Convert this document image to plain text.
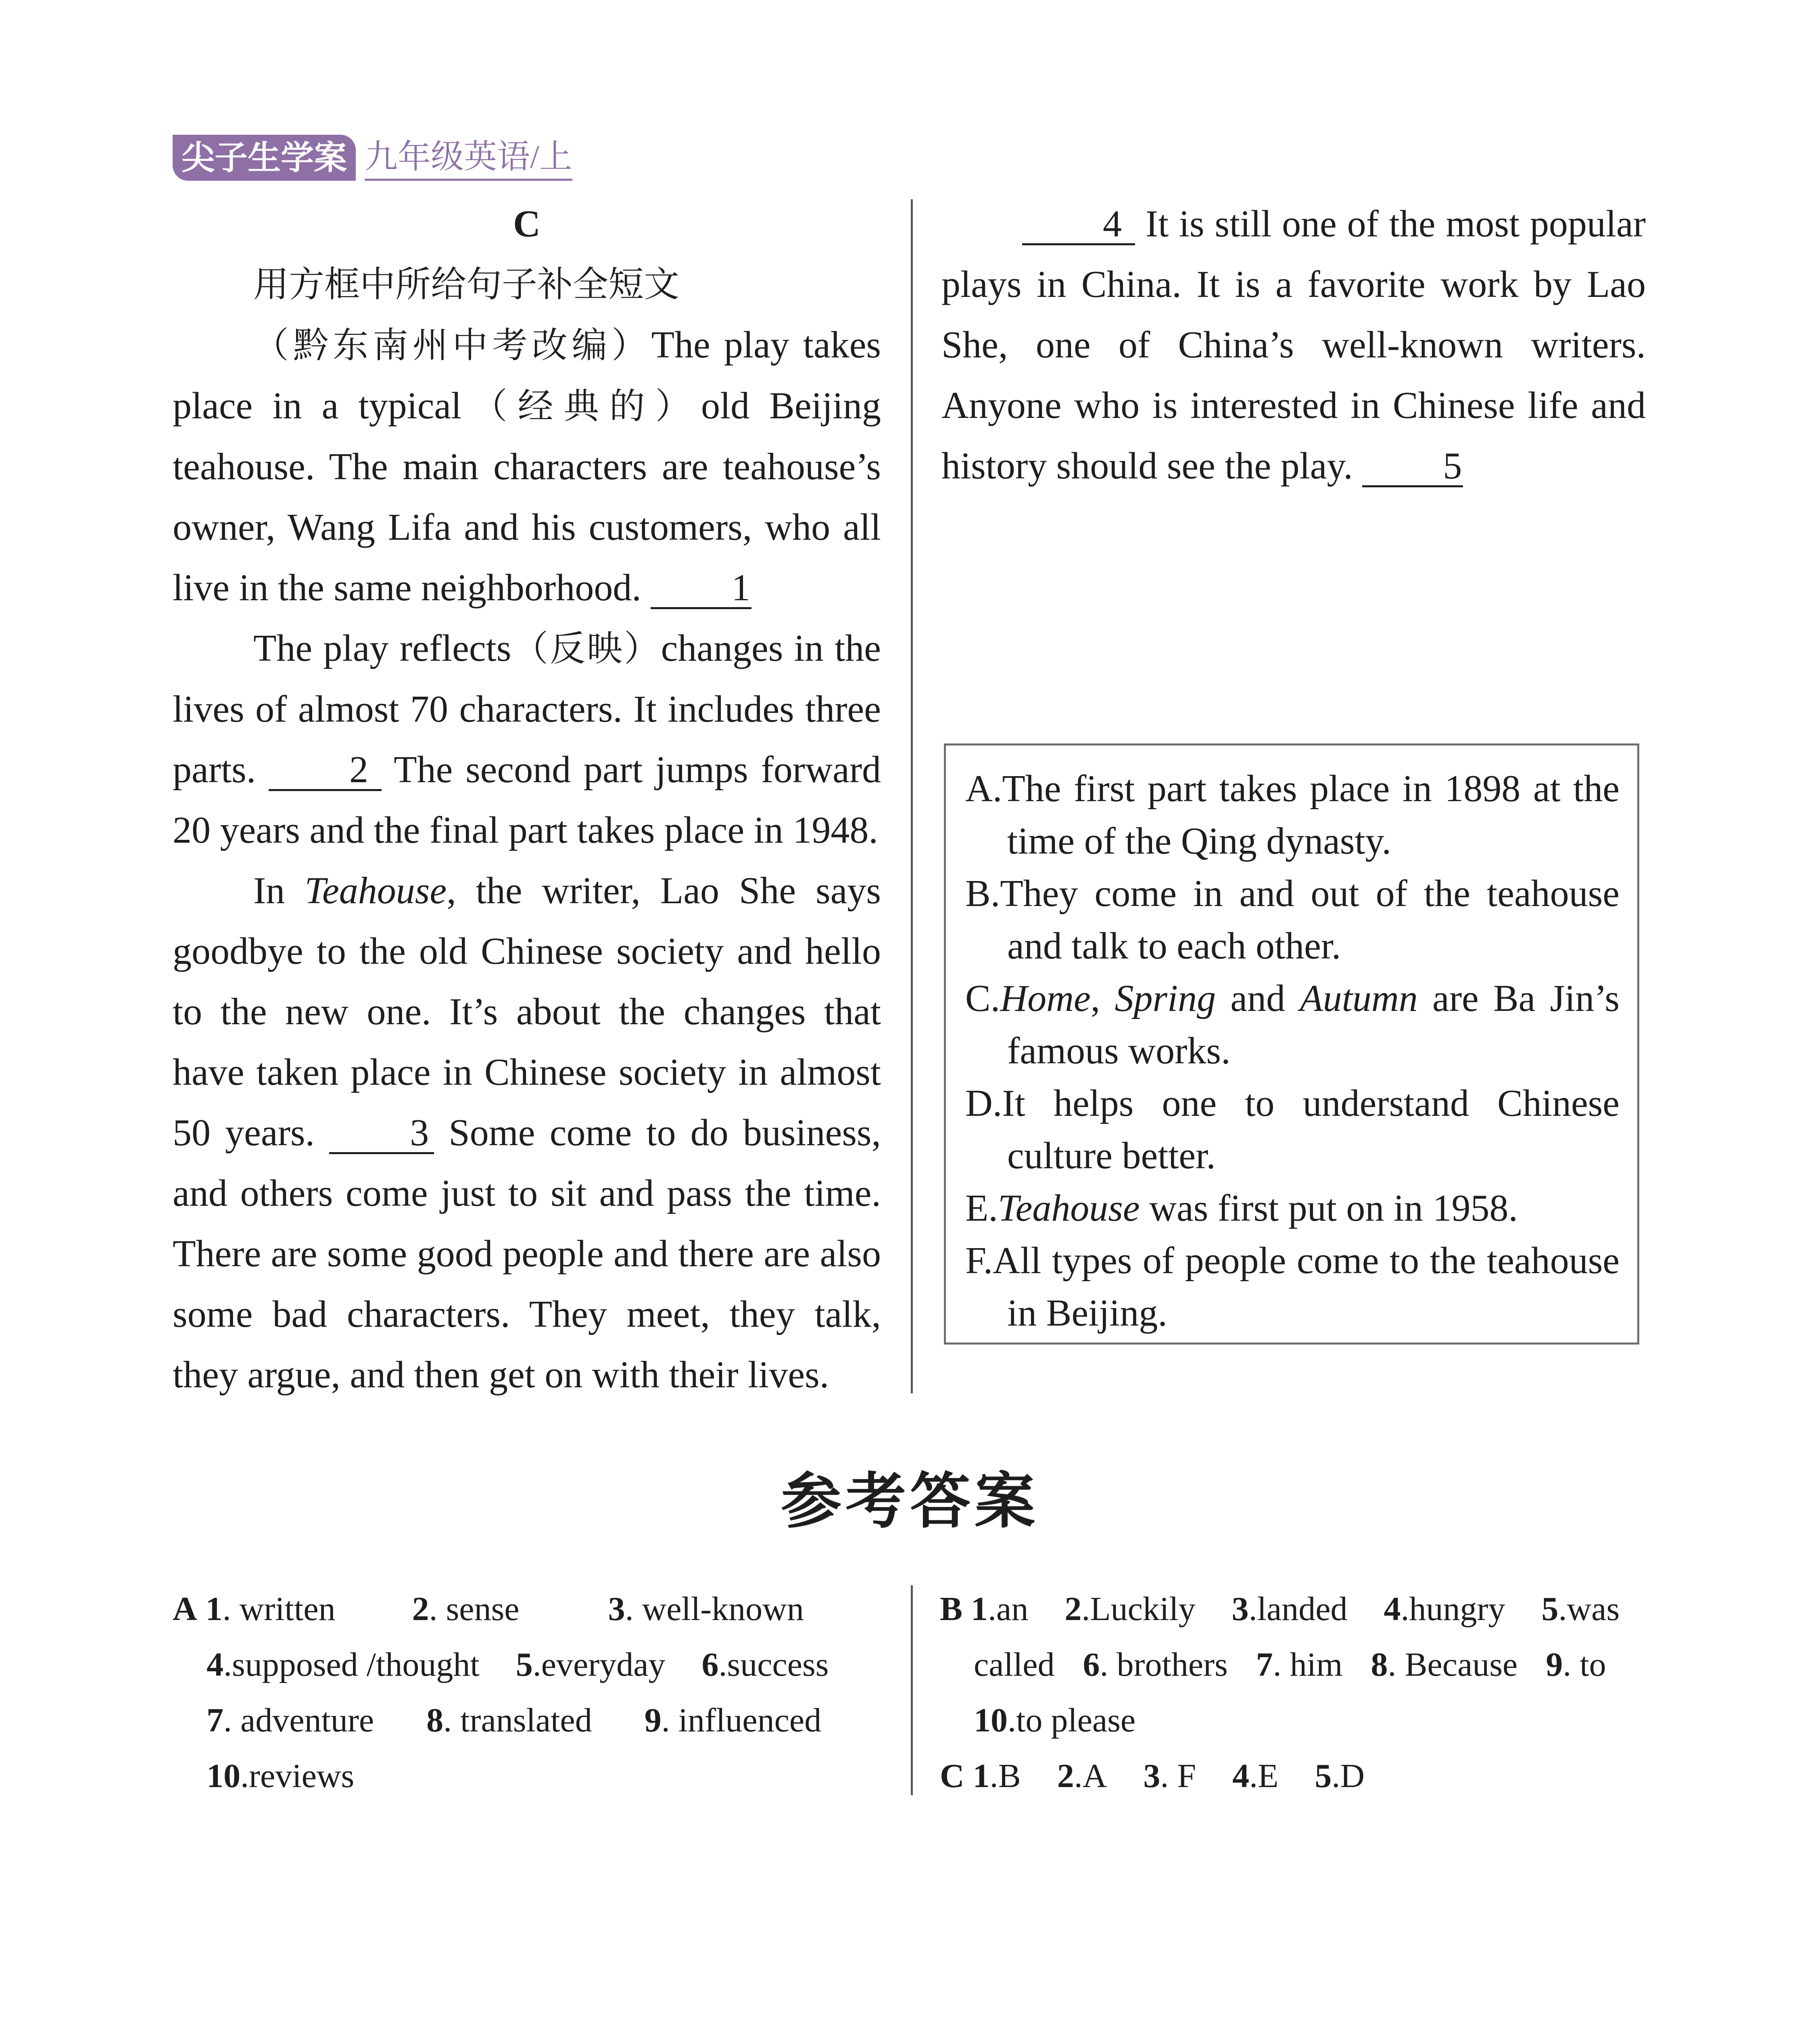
尖子生学案 九年级英语/上
C

用方框中所给句子补全短文

（黔东南州中考改编）The play takes place in a typical（经典的）old Beijing teahouse. The main characters are teahouse’s owner, Wang Lifa and his customers, who all live in the same neighborhood. 1

The play reflects（反映）changes in the lives of almost 70 characters. It includes three parts. 2 The second part jumps forward 20 years and the final part takes place in 1948.

In Teahouse, the writer, Lao She says goodbye to the old Chinese society and hello to the new one. It’s about the changes that have taken place in Chinese society in almost 50 years.	3 Some come to do business, and others come just to sit and pass the time. There are some good people and there are also some bad characters. They meet, they talk, they argue, and then get on with their lives.

4 It is still one of the most popular plays in China. It is a favorite work by Lao She, one of China’s well-known writers. Anyone who is interested in Chinese life and history should see the play. 5

A.The first part takes place in 1898 at the time of the Qing dynasty.
B.They come in and out of the teahouse and talk to each other.
C.Home, Spring and Autumn are Ba Jin’s famous works.
D.It helps one to understand Chinese culture better.
E.Teahouse was first put on in 1958.
F.All types of people come to the teahouse in Beijing.
参考答案
A 1. written 2. sense	3. well-known
4.supposed /thought 5.everyday 6.success
7. adventure 8. translated 9. influenced
10.reviews
B 1.an 2.Luckily 3.landed 4.hungry 5.was
called 6. brothers 7. him 8. Because 9. to
10.to please
C 1.B 2.A 3. F 4.E 5.D
